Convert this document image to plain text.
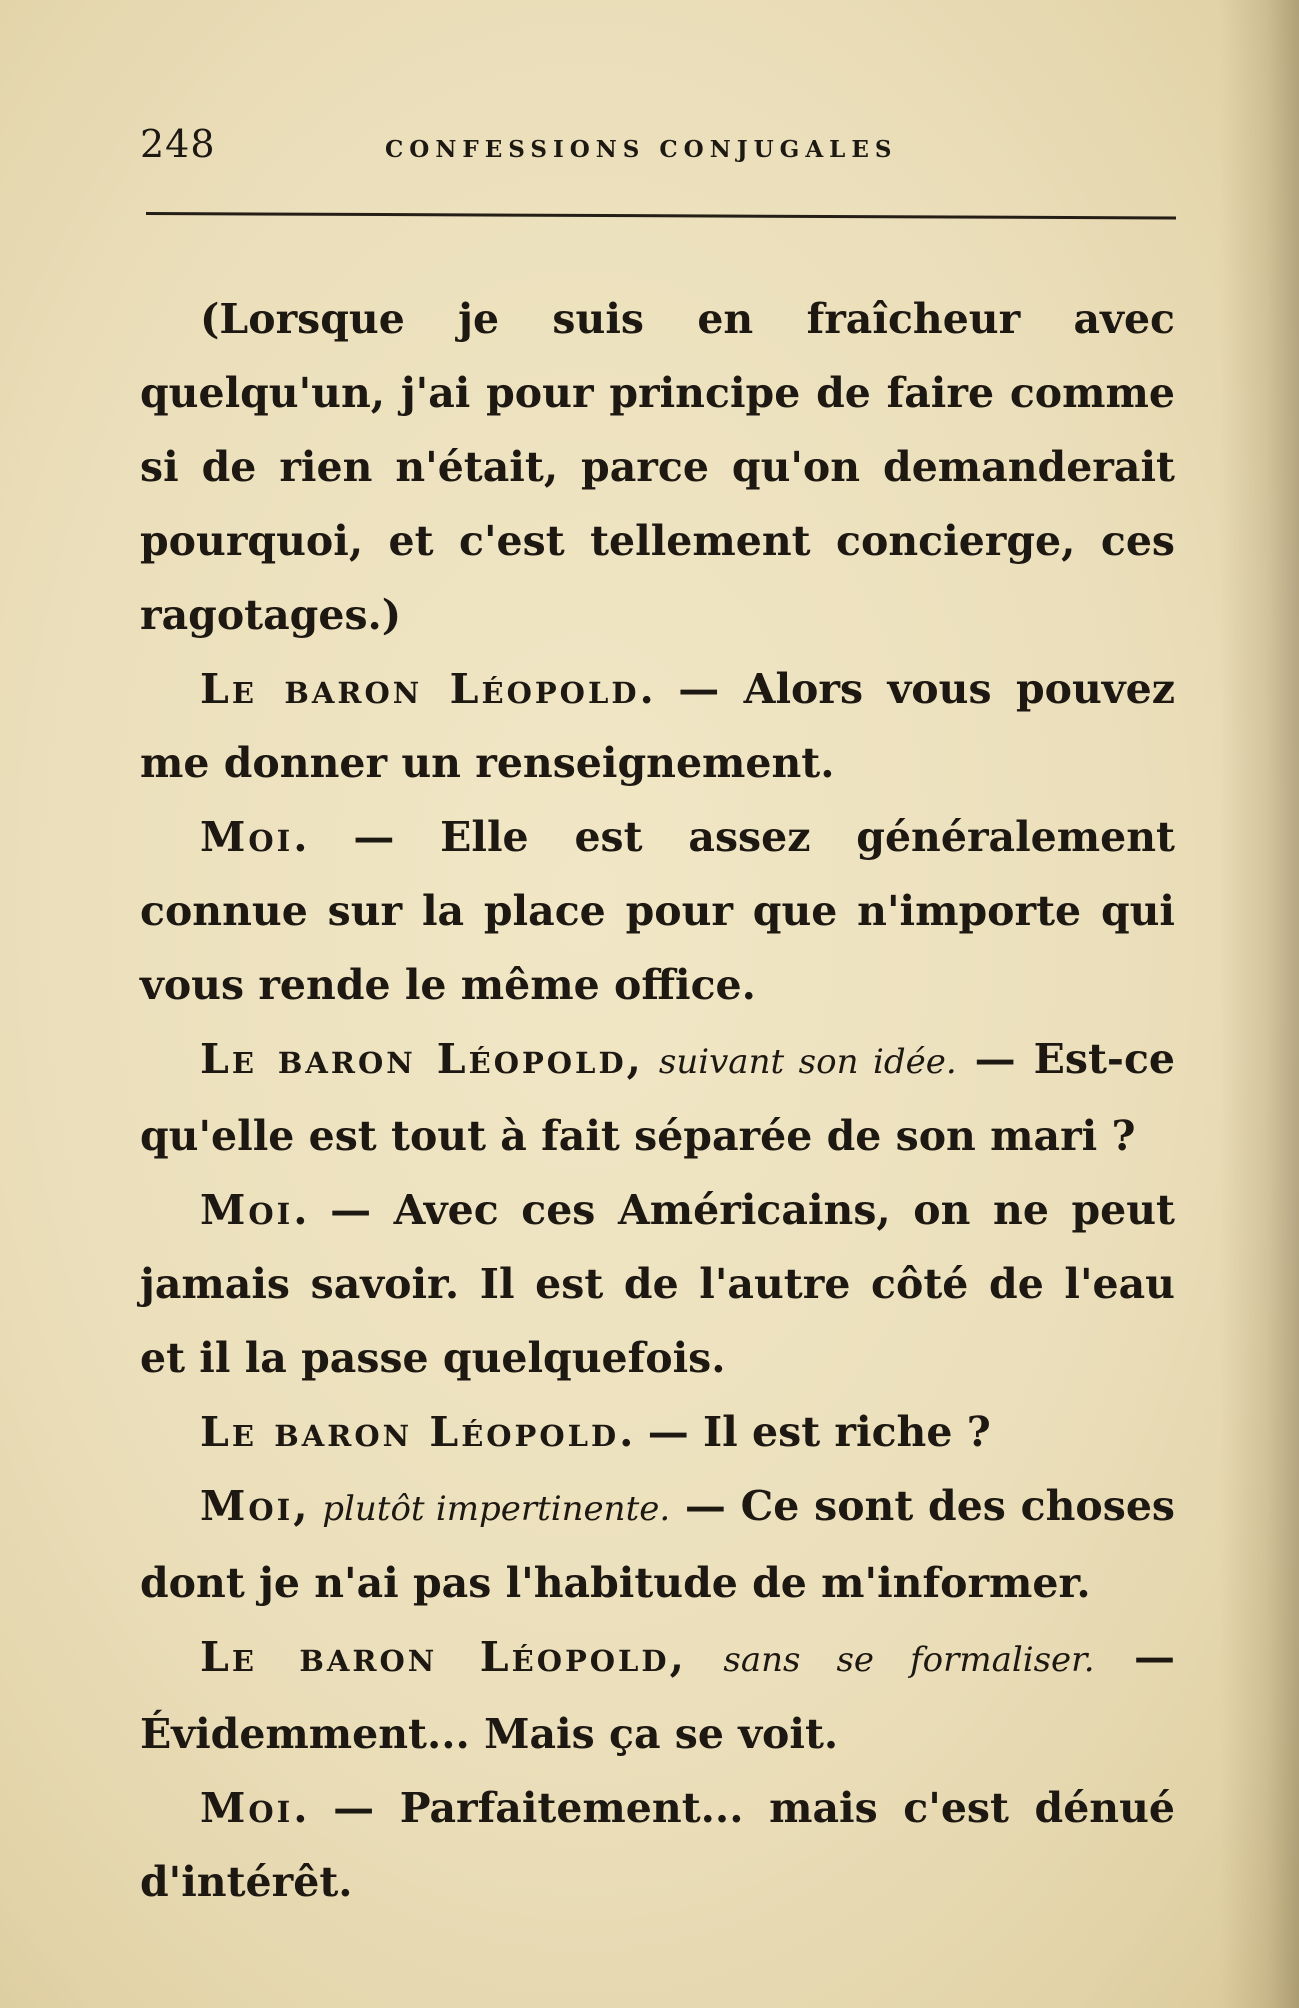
248	CONFESSIONS CONJUGALES

(Lorsque je suis en fraîcheur avec quelqu'un, j'ai pour principe de faire comme si de rien n'était, parce qu'on demanderait pourquoi, et c'est tellement concierge, ces ragotages.)

Le baron Léopold. — Alors vous pouvez me donner un renseignement.

Moi. — Elle est assez généralement connue sur la place pour que n'importe qui vous rende le même office.

Le baron Léopold, suivant son idée. — Est-ce qu'elle est tout à fait séparée de son mari ?

Moi. — Avec ces Américains, on ne peut jamais savoir. Il est de l'autre côté de l'eau et il la passe quelquefois.

Le baron Léopold. — Il est riche ?

Moi, plutôt impertinente. — Ce sont des choses dont je n'ai pas l'habitude de m'informer.

Le baron Léopold, sans se formaliser. — Évidemment... Mais ça se voit.

Moi. — Parfaitement... mais c'est dénué d'intérêt.
